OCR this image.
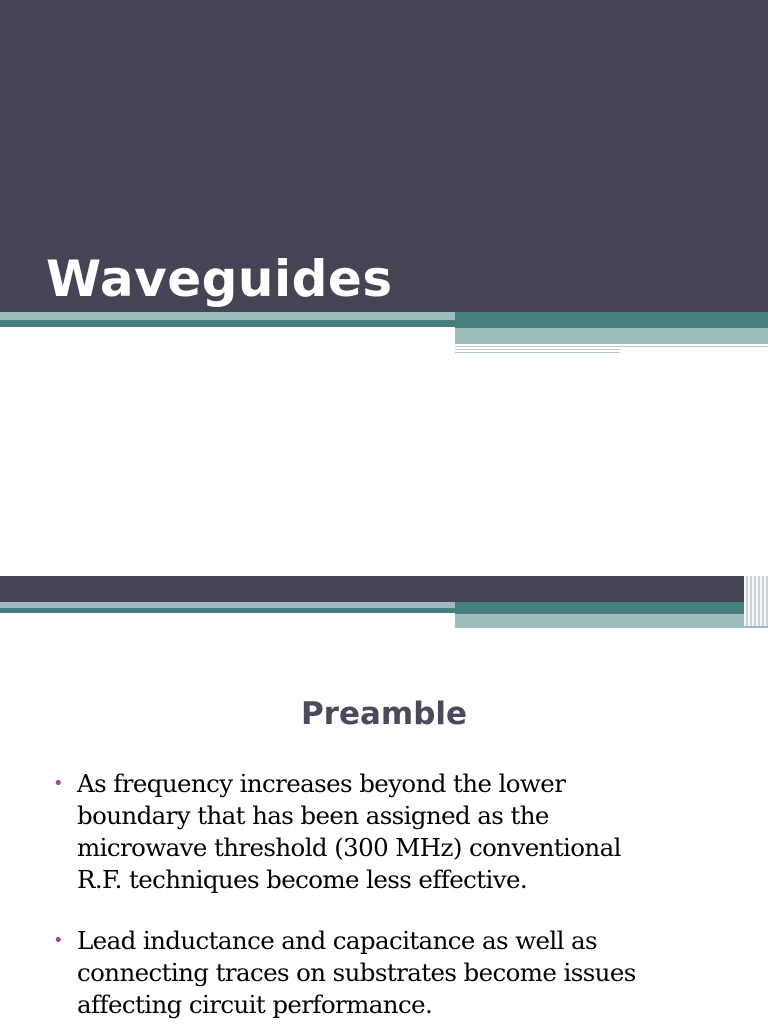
Waveguides
Preamble
• As frequency increases beyond the lower
boundary that has been assigned as the
microwave threshold (300 MHz) conventional
R.F. techniques become less effective.
• Lead inductance and capacitance as well as
connecting traces on substrates become issues
affecting circuit performance.
